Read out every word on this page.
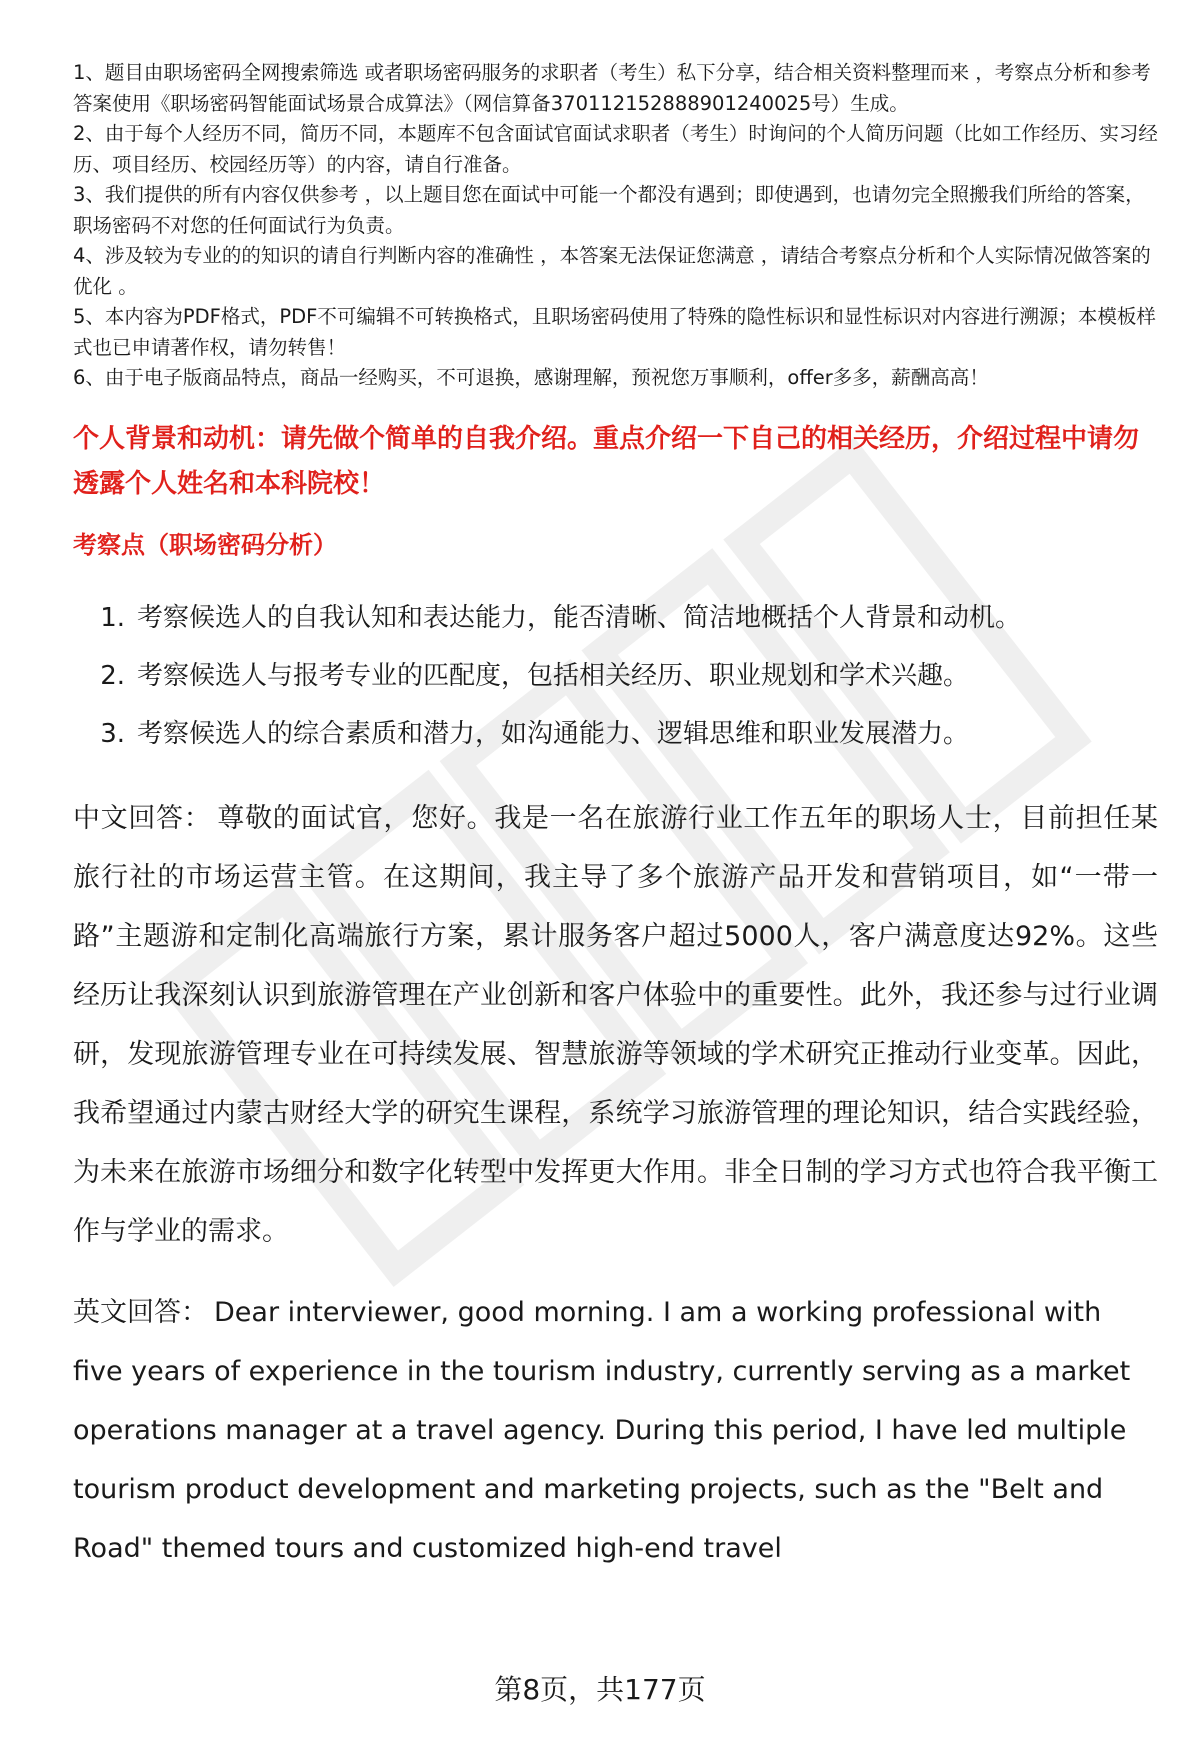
1、题目由职场密码全网搜索筛选 或者职场密码服务的求职者（考生）私下分享，结合相关资料整理而来 ，考察点分析和参考答案使用《职场密码智能面试场景合成算法》（网信算备370112152888901240025号）生成。

2、由于每个人经历不同，简历不同，本题库不包含面试官面试求职者（考生）时询问的个人简历问题（比如工作经历、实习经历、项目经历、校园经历等）的内容，请自行准备。

3、我们提供的所有内容仅供参考 ，以上题目您在面试中可能一个都没有遇到；即使遇到，也请勿完全照搬我们所给的答案，职场密码不对您的任何面试行为负责。

4、涉及较为专业的的知识的请自行判断内容的准确性 ，本答案无法保证您满意 ，请结合考察点分析和个人实际情况做答案的优化 。

5、本内容为PDF格式，PDF不可编辑不可转换格式，且职场密码使用了特殊的隐性标识和显性标识对内容进行溯源；本模板样式也已申请著作权，请勿转售！

6、由于电子版商品特点，商品一经购买，不可退换，感谢理解，预祝您万事顺利，offer多多，薪酬高高！

个人背景和动机：请先做个简单的自我介绍。重点介绍一下自己的相关经历，介绍过程中请勿透露个人姓名和本科院校！
考察点（职场密码分析）
1. 考察候选人的自我认知和表达能力，能否清晰、简洁地概括个人背景和动机。
2. 考察候选人与报考专业的匹配度，包括相关经历、职业规划和学术兴趣。
3. 考察候选人的综合素质和潜力，如沟通能力、逻辑思维和职业发展潜力。
中文回答： 尊敬的面试官，您好。我是一名在旅游行业工作五年的职场人士，目前担任某旅行社的市场运营主管。在这期间，我主导了多个旅游产品开发和营销项目，如“一带一路”主题游和定制化高端旅行方案，累计服务客户超过5000人，客户满意度达92%。这些经历让我深刻认识到旅游管理在产业创新和客户体验中的重要性。此外，我还参与过行业调研，发现旅游管理专业在可持续发展、智慧旅游等领域的学术研究正推动行业变革。因此，我希望通过内蒙古财经大学的研究生课程，系统学习旅游管理的理论知识，结合实践经验，为未来在旅游市场细分和数字化转型中发挥更大作用。非全日制的学习方式也符合我平衡工作与学业的需求。
英文回答： Dear interviewer, good morning. I am a working professional with five years of experience in the tourism industry, currently serving as a market operations manager at a travel agency. During this period, I have led multiple tourism product development and marketing projects, such as the "Belt and Road" themed tours and customized high-end travel
第8页，共177页
